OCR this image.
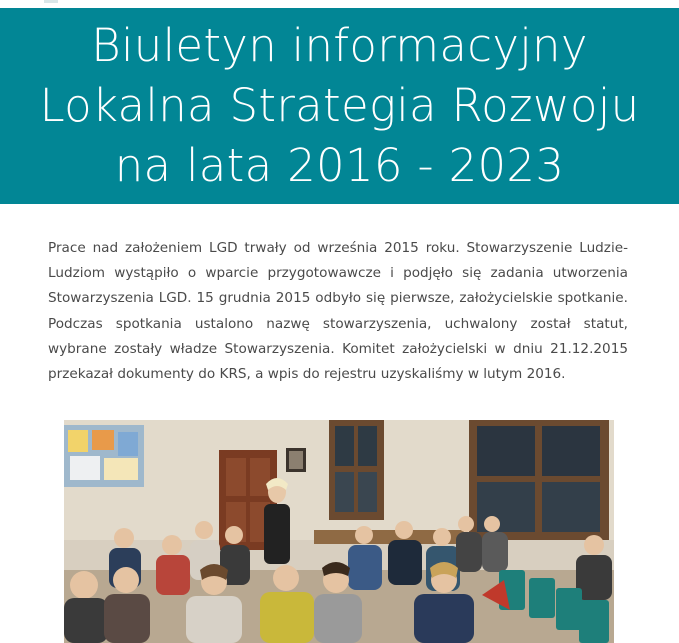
Biuletyn informacyjny
Lokalna Strategia Rozwoju
na lata 2016 - 2023

Prace nad założeniem LGD trwały od września 2015 roku. Stowarzyszenie Ludzie-Ludziom wystąpiło o wparcie przygotowawcze i podjęło się zadania utworzenia Stowarzyszenia LGD. 15 grudnia 2015 odbyło się pierwsze, założycielskie spotkanie. Podczas spotkania ustalono nazwę stowarzyszenia, uchwalony został statut, wybrane zostały władze Stowarzyszenia. Komitet założycielski w dniu 21.12.2015 przekazał dokumenty do KRS, a wpis do rejestru uzyskaliśmy w lutym 2016.
